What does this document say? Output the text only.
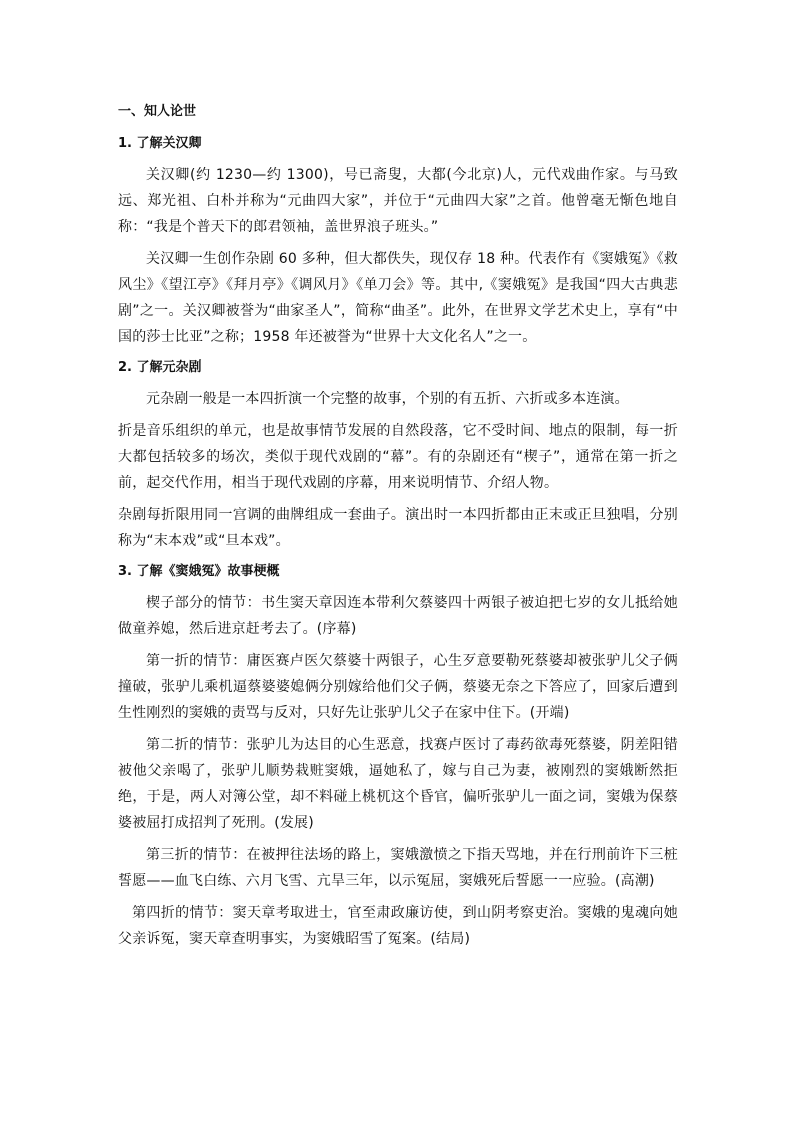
一、知人论世
1. 了解关汉卿
关汉卿(约 1230—约 1300)，号已斋叟，大都(今北京)人，元代戏曲作家。与马致远、郑光祖、白朴并称为“元曲四大家”，并位于“元曲四大家”之首。他曾毫无惭色地自称：“我是个普天下的郎君领袖，盖世界浪子班头。”
关汉卿一生创作杂剧 60 多种，但大都佚失，现仅存 18 种。代表作有《窦娥冤》《救风尘》《望江亭》《拜月亭》《调风月》《单刀会》等。其中,《窦娥冤》是我国“四大古典悲剧”之一。关汉卿被誉为“曲家圣人”，简称“曲圣”。此外，在世界文学艺术史上，享有“中国的莎士比亚”之称；1958 年还被誉为“世界十大文化名人”之一。
2. 了解元杂剧
元杂剧一般是一本四折演一个完整的故事，个别的有五折、六折或多本连演。
折是音乐组织的单元，也是故事情节发展的自然段落，它不受时间、地点的限制，每一折大都包括较多的场次，类似于现代戏剧的“幕”。有的杂剧还有“楔子”，通常在第一折之前，起交代作用，相当于现代戏剧的序幕，用来说明情节、介绍人物。
杂剧每折限用同一宫调的曲牌组成一套曲子。演出时一本四折都由正末或正旦独唱，分别称为“末本戏”或“旦本戏”。
3. 了解《窦娥冤》故事梗概
楔子部分的情节：书生窦天章因连本带利欠蔡婆四十两银子被迫把七岁的女儿抵给她做童养媳，然后进京赶考去了。(序幕)
第一折的情节：庸医赛卢医欠蔡婆十两银子，心生歹意要勒死蔡婆却被张驴儿父子俩撞破，张驴儿乘机逼蔡婆婆媳俩分别嫁给他们父子俩，蔡婆无奈之下答应了，回家后遭到生性刚烈的窦娥的责骂与反对，只好先让张驴儿父子在家中住下。(开端)
第二折的情节：张驴儿为达目的心生恶意，找赛卢医讨了毒药欲毒死蔡婆，阴差阳错被他父亲喝了，张驴儿顺势栽赃窦娥，逼她私了，嫁与自己为妻，被刚烈的窦娥断然拒绝，于是，两人对簿公堂，却不料碰上桃杌这个昏官，偏听张驴儿一面之词，窦娥为保蔡婆被屈打成招判了死刑。(发展)
第三折的情节：在被押往法场的路上，窦娥激愤之下指天骂地，并在行刑前许下三桩誓愿——血飞白练、六月飞雪、亢旱三年，以示冤屈，窦娥死后誓愿一一应验。(高潮)
第四折的情节：窦天章考取进士，官至肃政廉访使，到山阴考察吏治。窦娥的鬼魂向她父亲诉冤，窦天章查明事实，为窦娥昭雪了冤案。(结局)
